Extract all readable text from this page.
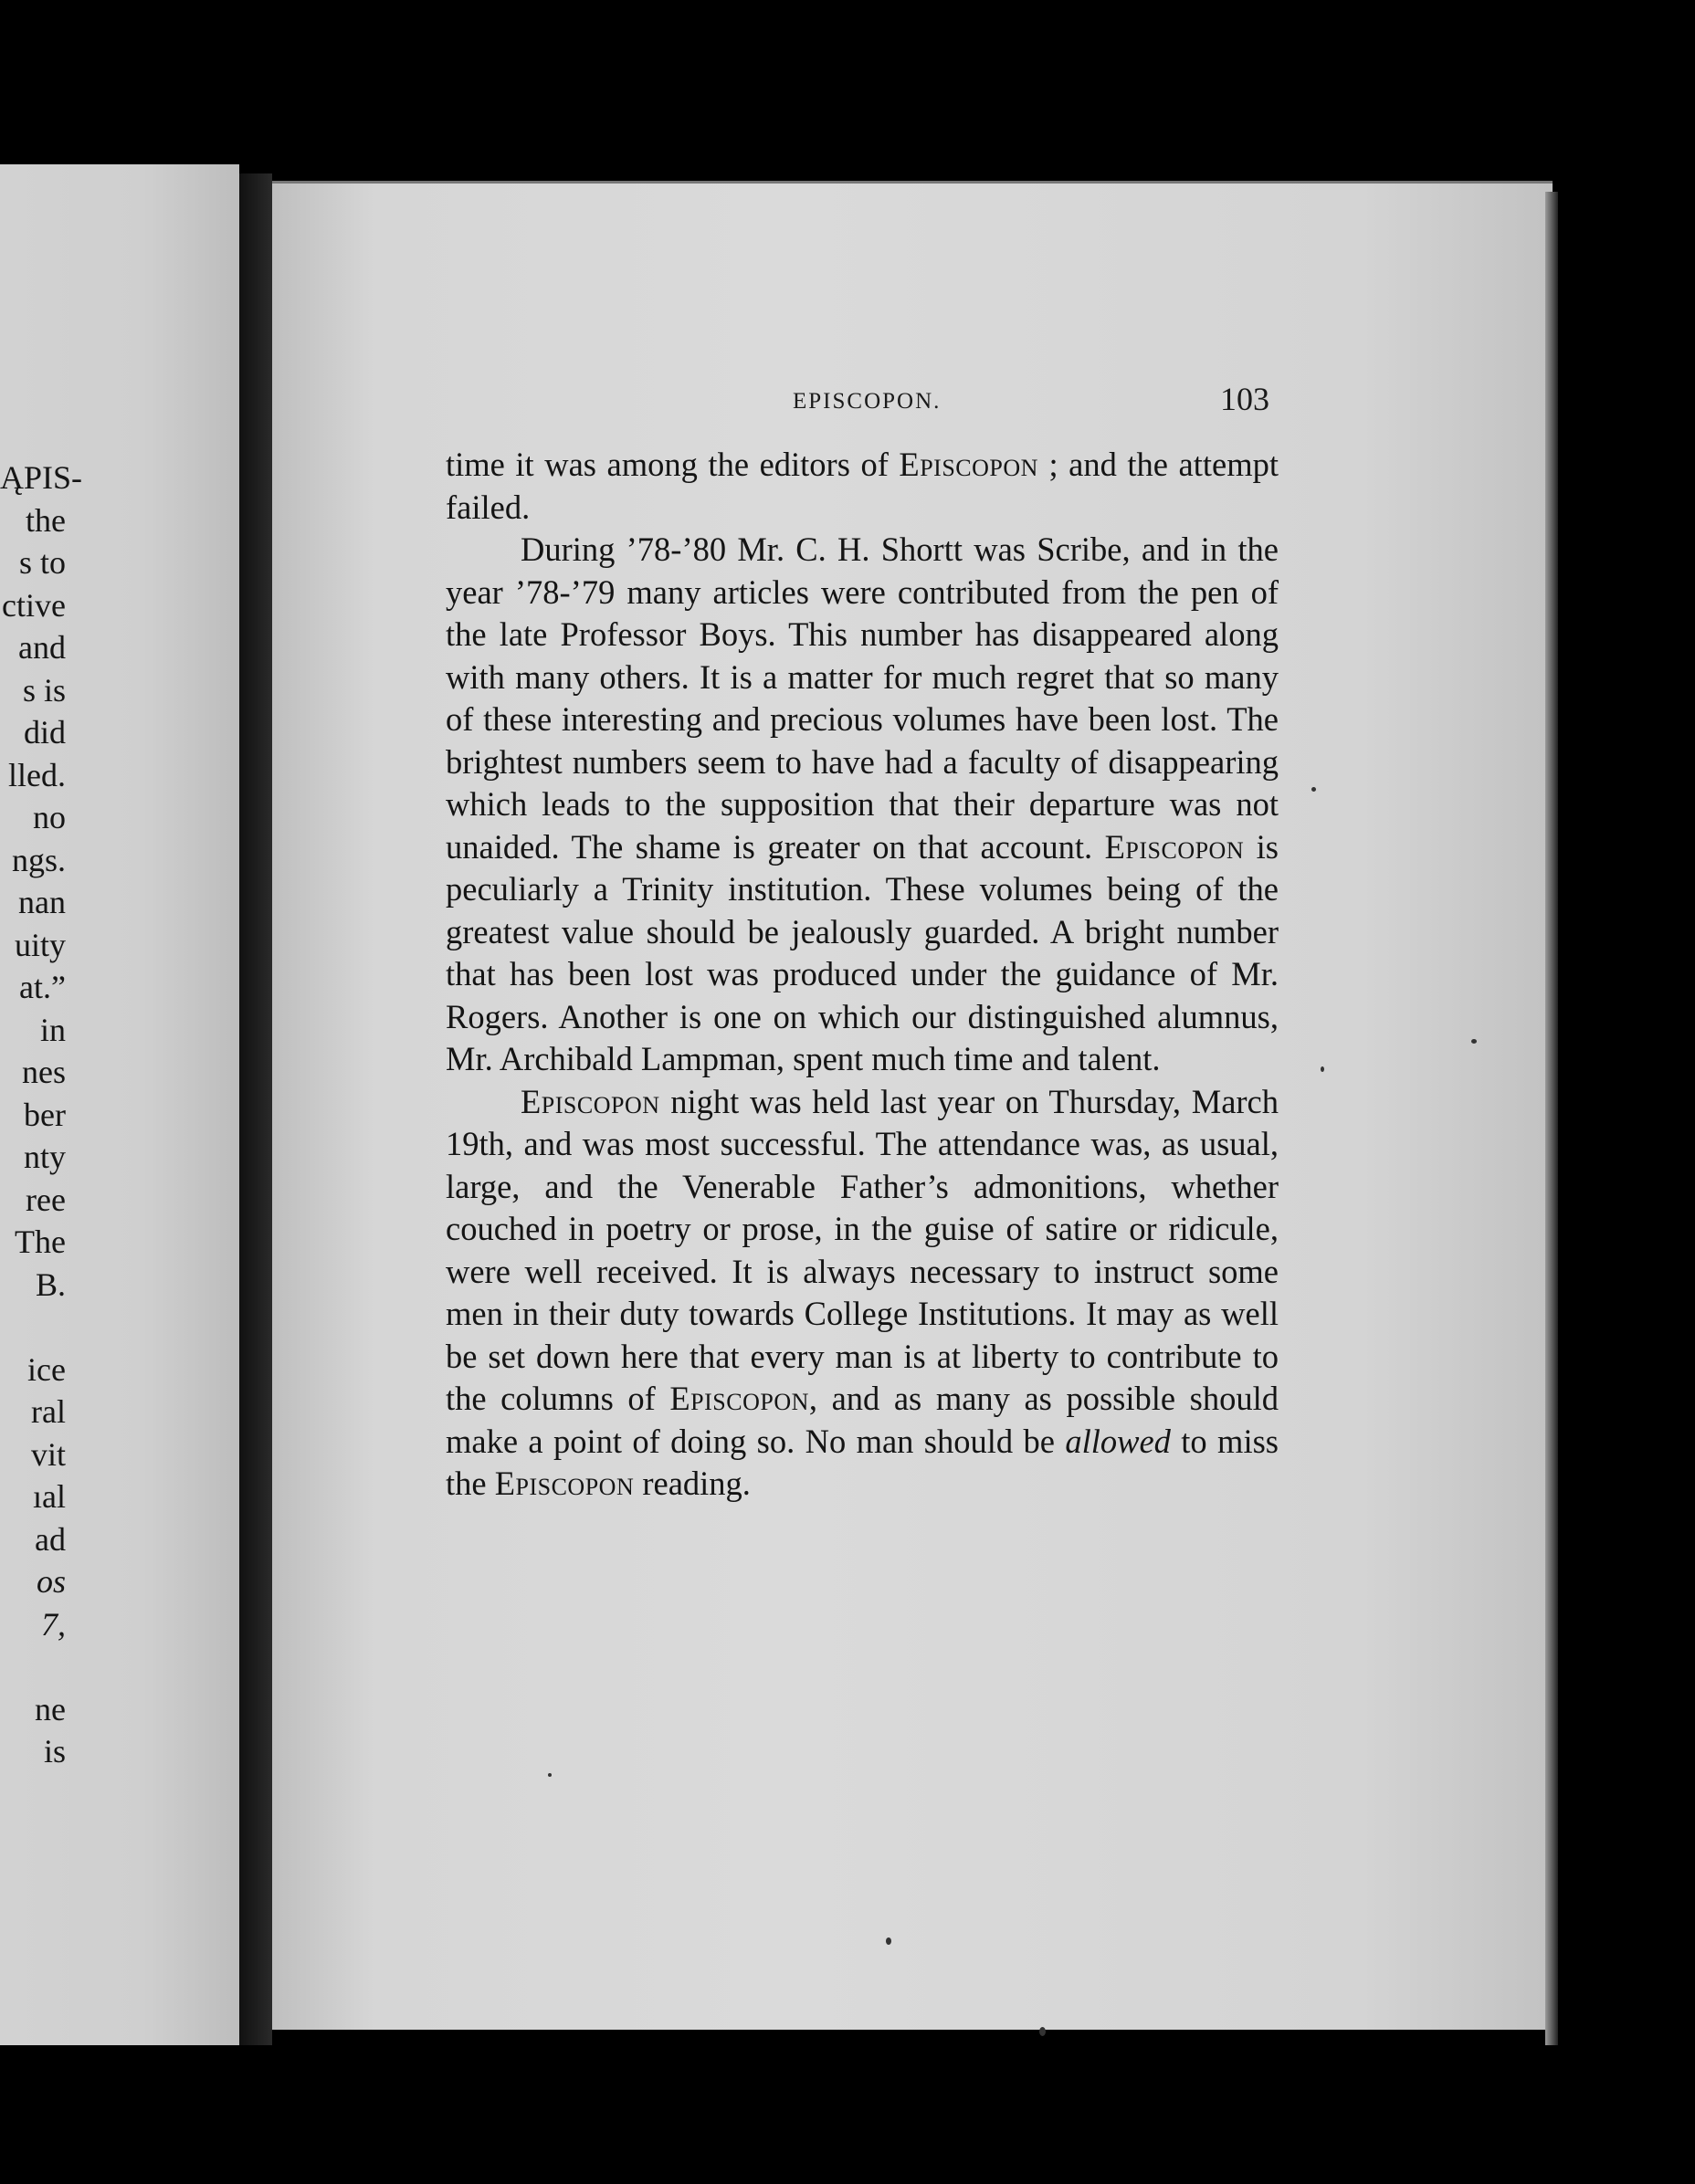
ĄPIS-
the
s to
ctive
and
s is
did
lled.
no
ngs.
nan
uity
at.”
in
nes
ber
nty
ree
The
B.
ice
ral
vit
ıal
ad
os
7,
ne
is
EPISCOPON.	103

time it was among the editors of Episcopon ; and the attempt failed.

During ’78-’80 Mr. C. H. Shortt was Scribe, and in the year ’78-’79 many articles were contributed from the pen of the late Professor Boys. This number has disappeared along with many others. It is a matter for much regret that so many of these interesting and precious volumes have been lost. The brightest numbers seem to have had a faculty of disappearing which leads to the supposition that their departure was not unaided. The shame is greater on that account. Episcopon is peculiarly a Trinity institution. These volumes being of the greatest value should be jealously guarded. A bright number that has been lost was produced under the guidance of Mr. Rogers. Another is one on which our distinguished alumnus, Mr. Archibald Lampman, spent much time and talent.

Episcopon night was held last year on Thursday, March 19th, and was most successful. The attendance was, as usual, large, and the Venerable Father’s admonitions, whether couched in poetry or prose, in the guise of satire or ridicule, were well received. It is always necessary to instruct some men in their duty towards College Institutions. It may as well be set down here that every man is at liberty to contribute to the columns of Episcopon, and as many as possible should make a point of doing so. No man should be allowed to miss the Episcopon reading.
